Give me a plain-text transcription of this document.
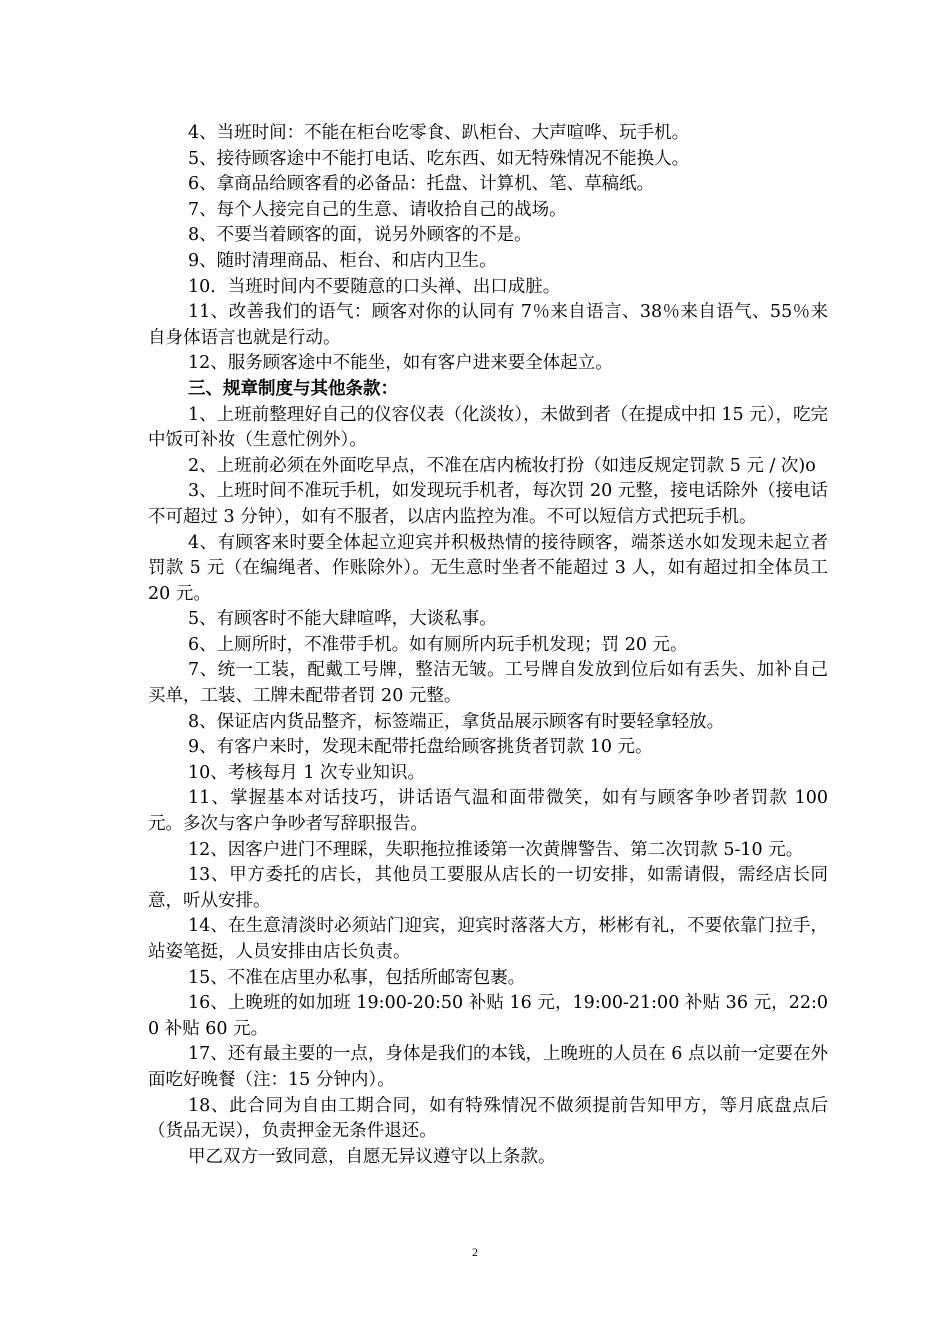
4、当班时间：不能在柜台吃零食、趴柜台、大声喧哗、玩手机。

5、接待顾客途中不能打电话、吃东西、如无特殊情况不能换人。

6、拿商品给顾客看的必备品：托盘、计算机、笔、草稿纸。

7、每个人接完自己的生意、请收拾自己的战场。

8、不要当着顾客的面，说另外顾客的不是。

9、随时清理商品、柜台、和店内卫生。

10．当班时间内不要随意的口头禅、出口成脏。

11、改善我们的语气：顾客对你的认同有 7％来自语言、38％来自语气、55％来自身体语言也就是行动。

12、服务顾客途中不能坐，如有客户进来要全体起立。

三、规章制度与其他条款：

1、上班前整理好自己的仪容仪表（化淡妆），未做到者（在提成中扣 15 元），吃完中饭可补妆（生意忙例外）。

2、上班前必须在外面吃早点，不准在店内梳妆打扮（如违反规定罚款 5 元 / 次)o

3、上班时间不准玩手机，如发现玩手机者，每次罚 20 元整，接电话除外（接电话不可超过 3 分钟），如有不服者，以店内监控为准。不可以短信方式把玩手机。

4、有顾客来时要全体起立迎宾并积极热情的接待顾客，端茶送水如发现未起立者罚款 5 元（在编绳者、作账除外）。无生意时坐者不能超过 3 人，如有超过扣全体员工 20 元。

5、有顾客时不能大肆喧哗，大谈私事。

6、上厕所时，不准带手机。如有厕所内玩手机发现；罚 20 元。

7、统一工装，配戴工号牌，整洁无皱。工号牌自发放到位后如有丢失、加补自己买单，工装、工牌未配带者罚 20 元整。

8、保证店内货品整齐，标签端正，拿货品展示顾客有时要轻拿轻放。

9、有客户来时，发现未配带托盘给顾客挑货者罚款 10 元。

10、考核每月 1 次专业知识。

11、掌握基本对话技巧，讲话语气温和面带微笑，如有与顾客争吵者罚款 100 元。多次与客户争吵者写辞职报告。

12、因客户进门不理睬，失职拖拉推诿第一次黄牌警告、第二次罚款 5-10 元。

13、甲方委托的店长，其他员工要服从店长的一切安排，如需请假，需经店长同意，听从安排。

14、在生意清淡时必须站门迎宾，迎宾时落落大方，彬彬有礼，不要依靠门拉手，站姿笔挺，人员安排由店长负责。

15、不准在店里办私事，包括所邮寄包裹。

16、上晚班的如加班 19:00-20:50 补贴 16 元，19:00-21:00 补贴 36 元，22:00 补贴 60 元。

17、还有最主要的一点，身体是我们的本钱，上晚班的人员在 6 点以前一定要在外面吃好晚餐（注：15 分钟内）。

18、此合同为自由工期合同，如有特殊情况不做须提前告知甲方，等月底盘点后（货品无误），负责押金无条件退还。

甲乙双方一致同意，自愿无异议遵守以上条款。

2
